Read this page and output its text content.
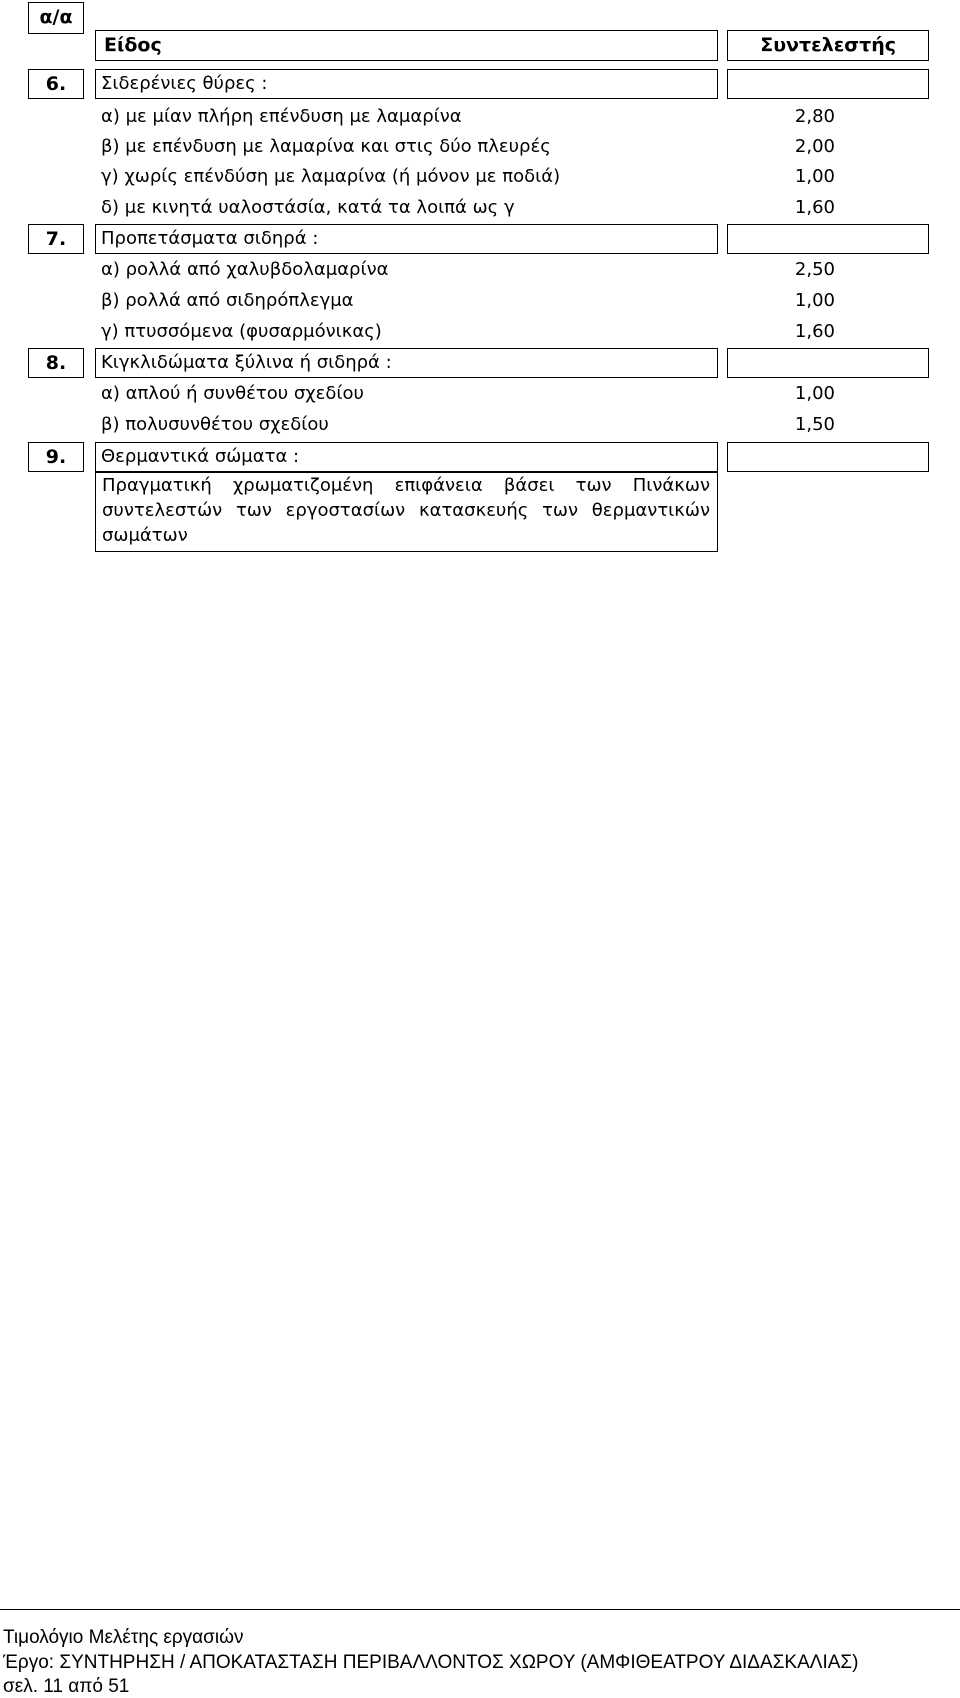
α/α
Είδος	Συντελεστής
6.	Σιδερένιες θύρες :
α) με μίαν πλήρη επένδυση με λαμαρίνα	2,80
β) με επένδυση με λαμαρίνα και στις δύο πλευρές	2,00
γ) χωρίς επένδύση με λαμαρίνα (ή μόνον με ποδιά)	1,00
δ) με κινητά υαλοστάσία, κατά τα λοιπά ως γ	1,60
7.	Προπετάσματα σιδηρά :
α) ρολλά από χαλυβδολαμαρίνα	2,50
β) ρολλά από σιδηρόπλεγμα	1,00
γ) πτυσσόμενα (φυσαρμόνικας)	1,60
8.	Κιγκλιδώματα ξύλινα ή σιδηρά :
α) απλού ή συνθέτου σχεδίου	1,00
β) πολυσυνθέτου σχεδίου	1,50
9.	Θερμαντικά σώματα :
Πραγματική χρωματιζομένη επιφάνεια βάσει των Πινάκων
συντελεστών των εργοστασίων κατασκευής των θερμαντικών
σωμάτων
Τιμολόγιο Μελέτης εργασιών
Έργο: ΣΥΝΤΗΡΗΣΗ / ΑΠΟΚΑΤΑΣΤΑΣΗ ΠΕΡΙΒΑΛΛΟΝΤΟΣ ΧΩΡΟΥ (ΑΜΦΙΘΕΑΤΡΟΥ ΔΙΔΑΣΚΑΛΙΑΣ)
σελ. 11 από 51
